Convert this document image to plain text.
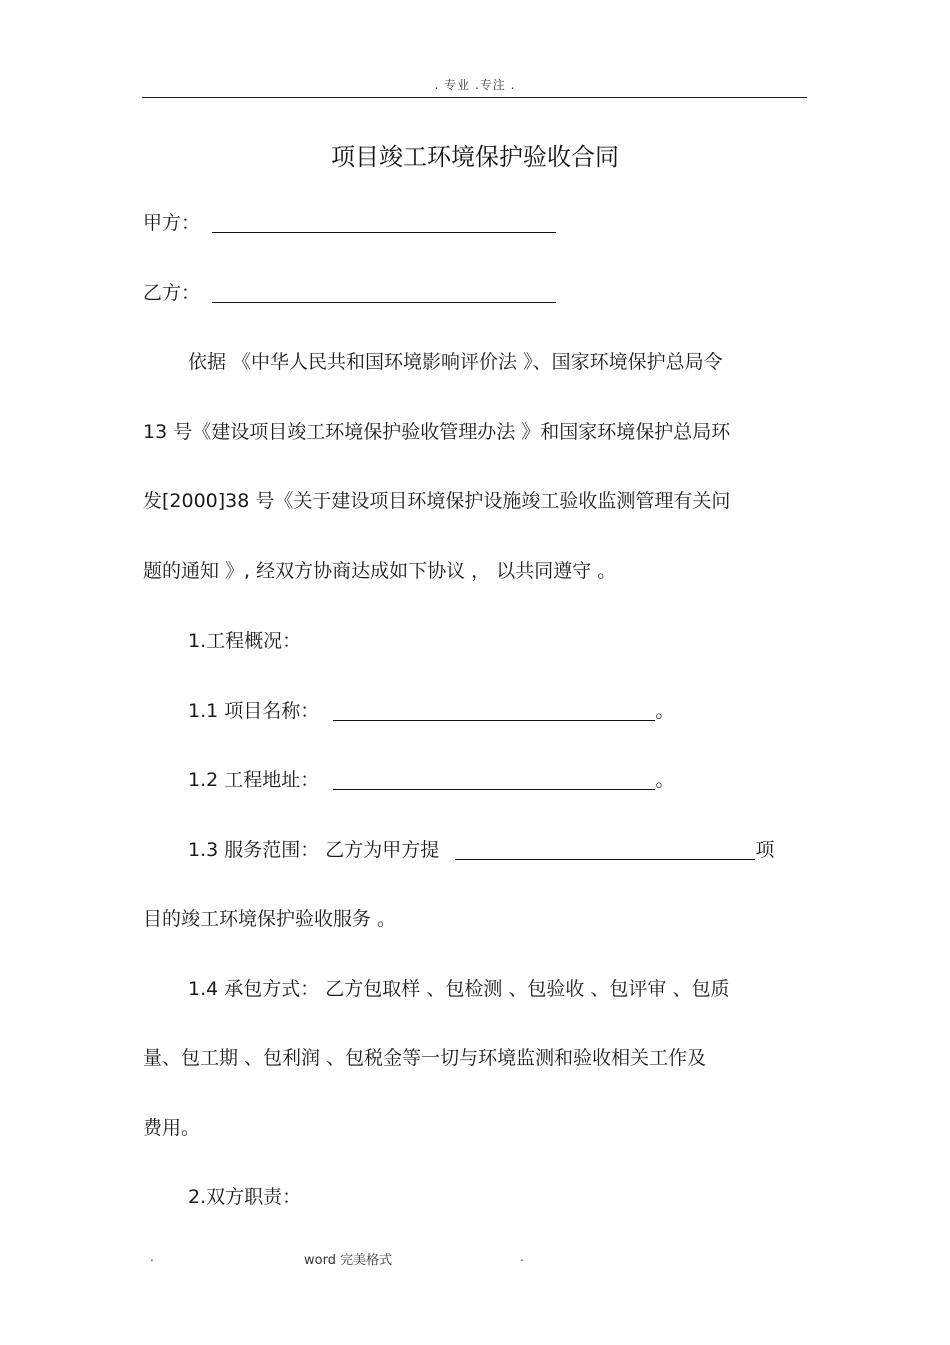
. 专业 .专注 .
项目竣工环境保护验收合同
甲方：
乙方：
依据 《中华人民共和国环境影响评价法 》、国家环境保护总局令
13 号《建设项目竣工环境保护验收管理办法 》和国家环境保护总局环
发[2000]38 号《关于建设项目环境保护设施竣工验收监测管理有关问
题的通知 》, 经双方协商达成如下协议 ， 以共同遵守 。
1.工程概况：
1.1 项目名称：	。
1.2 工程地址：	。
1.3 服务范围： 乙方为甲方提	项
目的竣工环境保护验收服务 。
1.4 承包方式： 乙方包取样 、包检测 、包验收 、包评审 、包质
量、包工期 、包利润 、包税金等一切与环境监测和验收相关工作及
费用。
2.双方职责：
.	word 完美格式	.
